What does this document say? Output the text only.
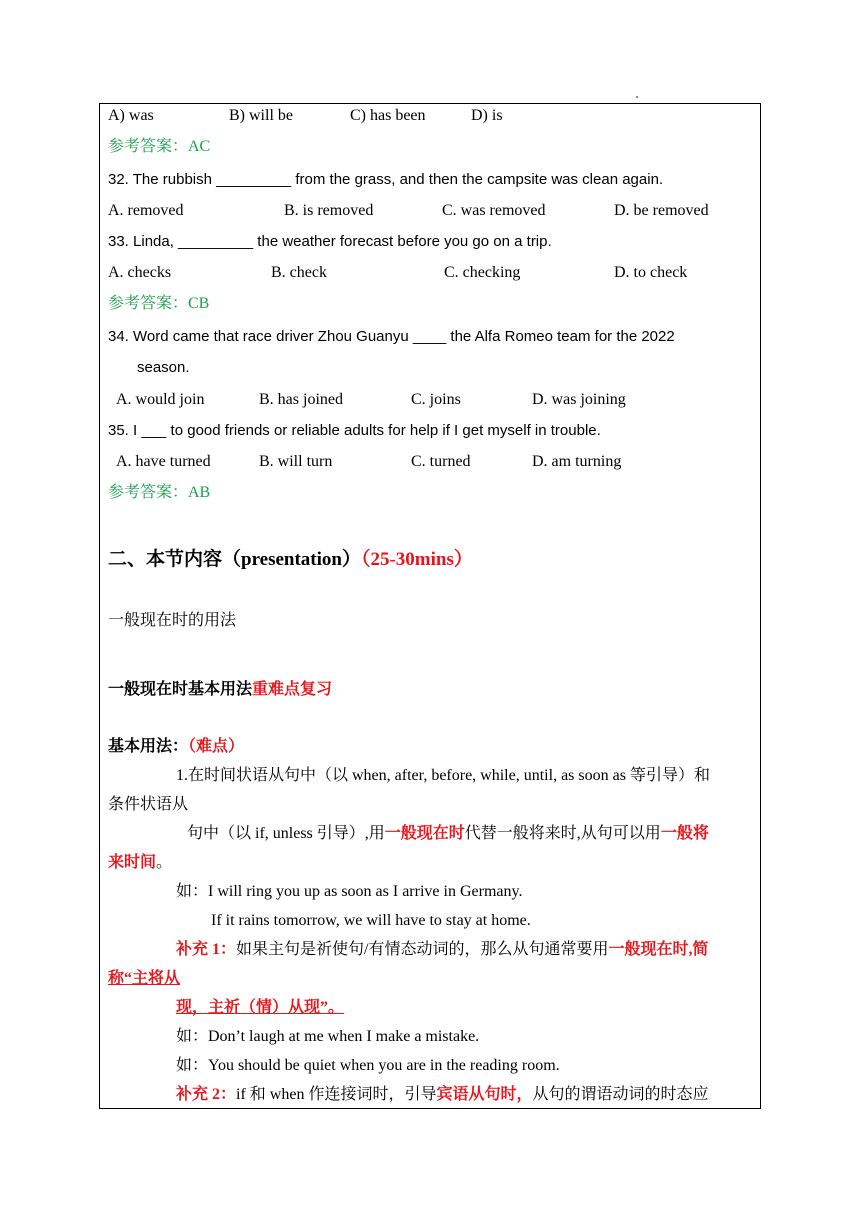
A) was	B) will be	C) has been	D) is
参考答案：AC
32. The rubbish _________ from the grass, and then the campsite was clean again.
A. removed	B. is removed	C. was removed	D. be removed
33. Linda, _________ the weather forecast before you go on a trip.
A. checks	B. check	C. checking	D. to check
参考答案：CB
34. Word came that race driver Zhou Guanyu ____ the Alfa Romeo team for the 2022
season.
A. would join	B. has joined	C. joins	D. was joining
35. I ___ to good friends or reliable adults for help if I get myself in trouble.
A. have turned	B. will turn	C. turned	D. am turning
参考答案：AB
二、本节内容（presentation）（25-30mins）
一般现在时的用法
一般现在时基本用法重难点复习
基本用法：（难点）
1.在时间状语从句中（以 when, after, before, while, until, as soon as 等引导）和
条件状语从
句中（以 if, unless 引导）,用一般现在时代替一般将来时,从句可以用一般将
来时间。
如：I will ring you up as soon as I arrive in Germany.
If it rains tomorrow, we will have to stay at home.
补充 1：如果主句是祈使句/有情态动词的，那么从句通常要用一般现在时,简
称“主将从
现，主祈（情）从现”。
如：Don’t laugh at me when I make a mistake.
如：You should be quiet when you are in the reading room.
补充 2：if 和 when 作连接词时，引导宾语从句时，从句的谓语动词的时态应
